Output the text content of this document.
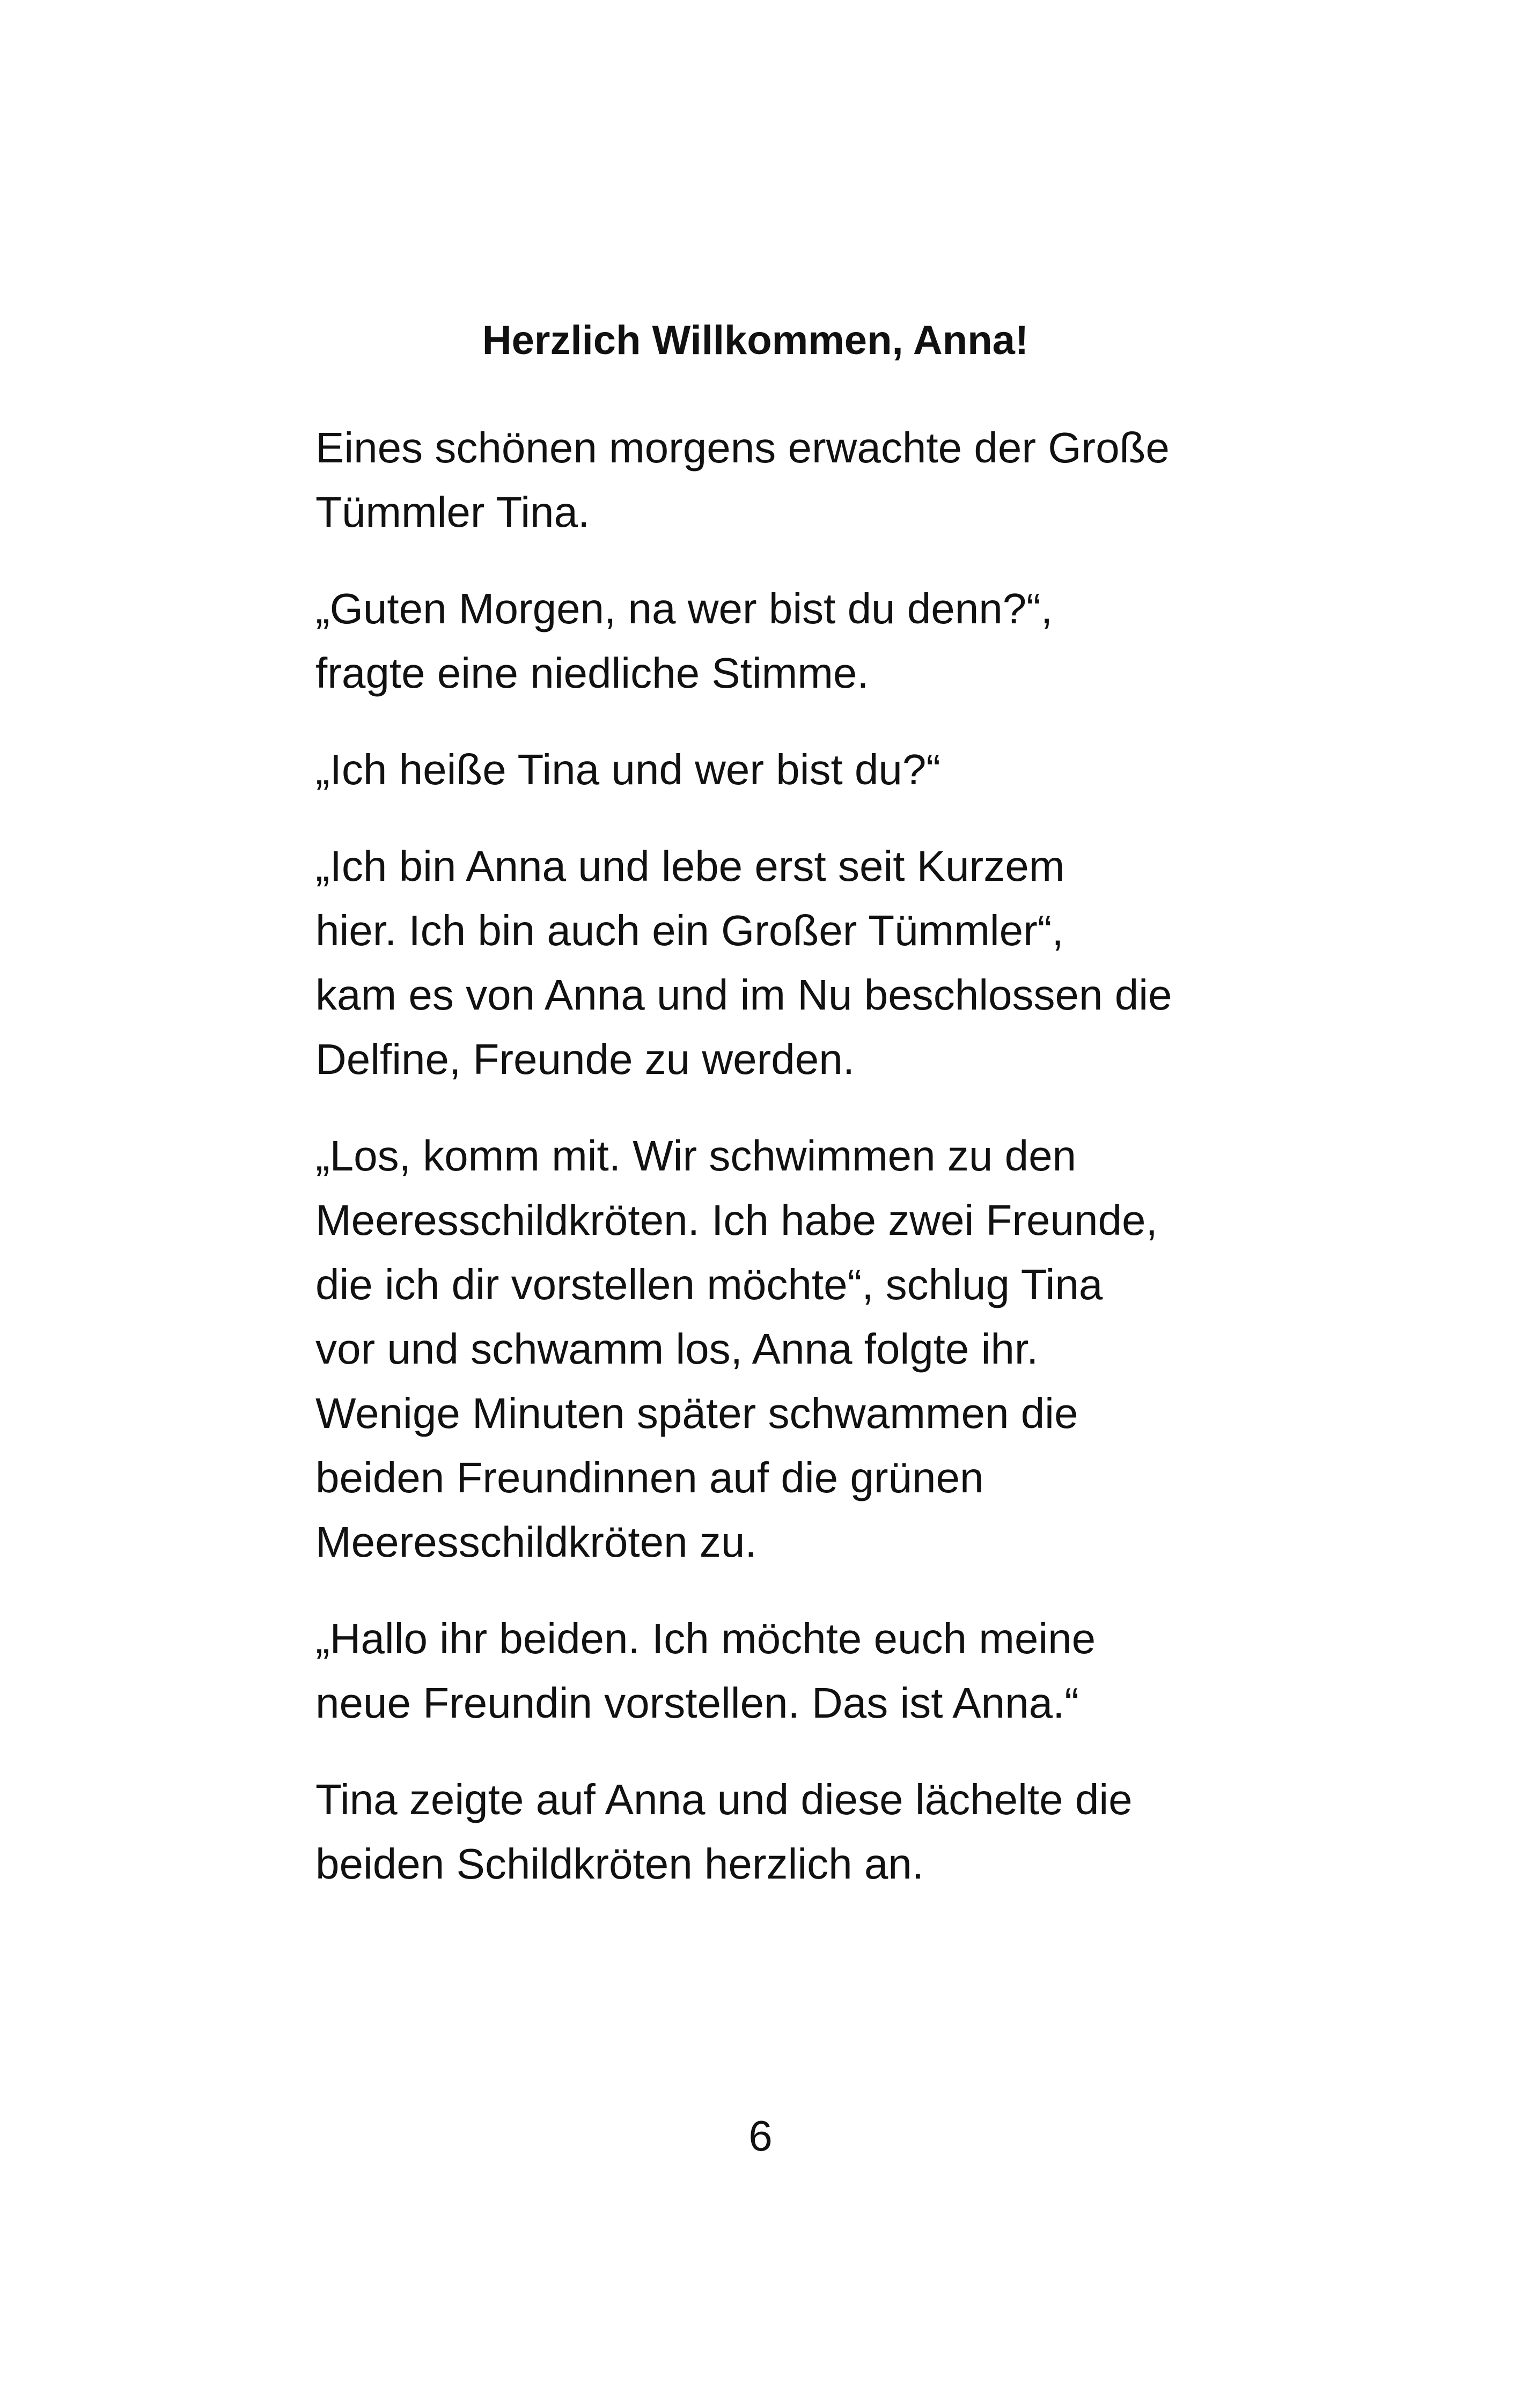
Herzlich Willkommen, Anna!

Eines schönen morgens erwachte der Große
Tümmler Tina.

„Guten Morgen, na wer bist du denn?“,
fragte eine niedliche Stimme.

„Ich heiße Tina und wer bist du?“

„Ich bin Anna und lebe erst seit Kurzem
hier. Ich bin auch ein Großer Tümmler“,
kam es von Anna und im Nu beschlossen die
Delfine, Freunde zu werden.

„Los, komm mit. Wir schwimmen zu den
Meeresschildkröten. Ich habe zwei Freunde,
die ich dir vorstellen möchte“, schlug Tina
vor und schwamm los, Anna folgte ihr.
Wenige Minuten später schwammen die
beiden Freundinnen auf die grünen
Meeresschildkröten zu.

„Hallo ihr beiden. Ich möchte euch meine
neue Freundin vorstellen. Das ist Anna.“

Tina zeigte auf Anna und diese lächelte die
beiden Schildkröten herzlich an.

6
